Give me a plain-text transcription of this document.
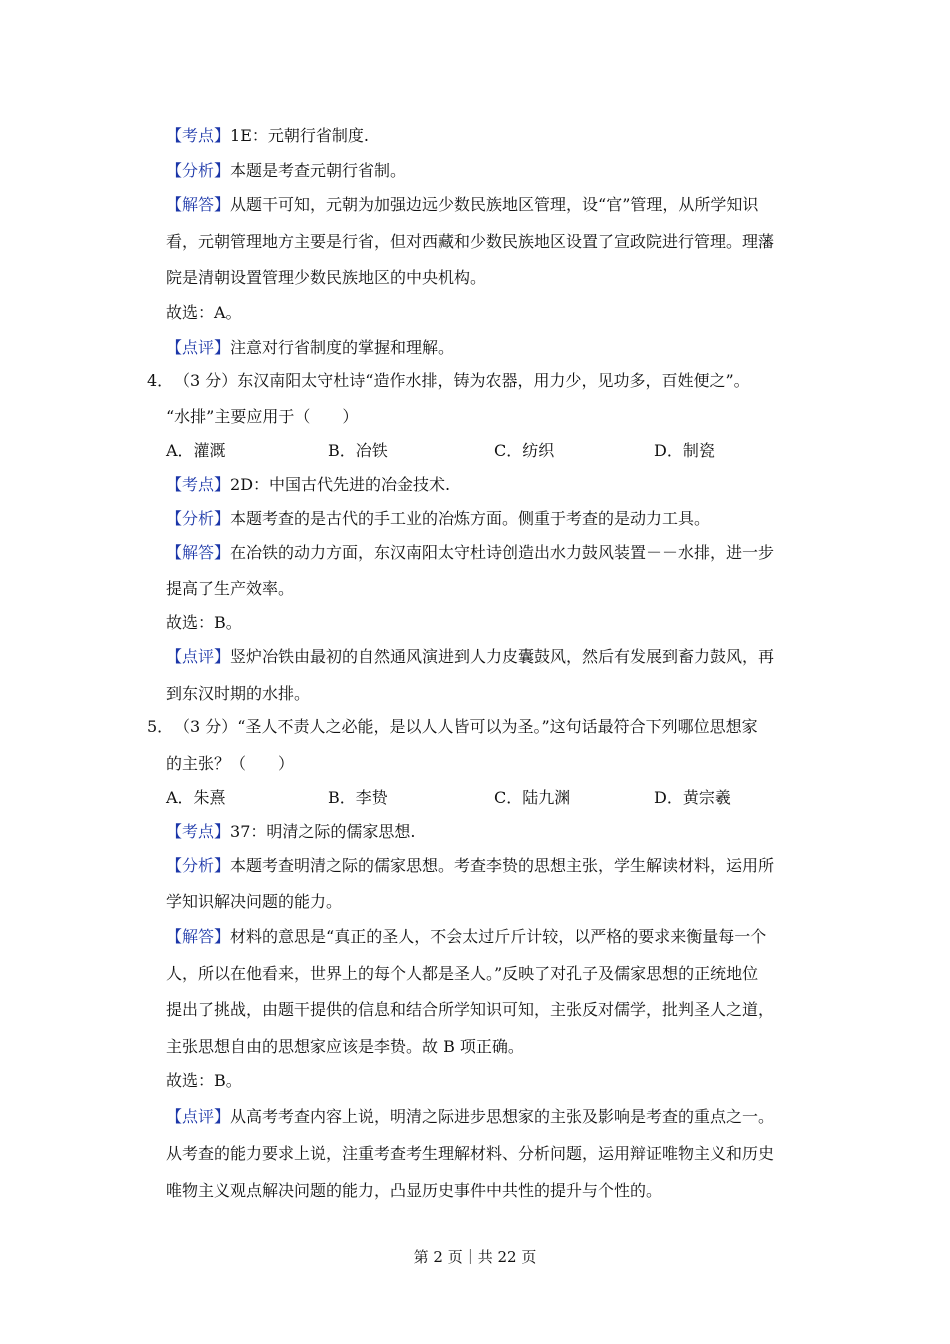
【考点】1E：元朝行省制度.
【分析】本题是考查元朝行省制。
【解答】从题干可知，元朝为加强边远少数民族地区管理，设“官”管理，从所学知识
看，元朝管理地方主要是行省，但对西藏和少数民族地区设置了宣政院进行管理。理藩
院是清朝设置管理少数民族地区的中央机构。
故选：A。
【点评】注意对行省制度的掌握和理解。
4． （3 分）东汉南阳太守杜诗“造作水排，铸为农器，用力少，见功多，百姓便之”。
“水排”主要应用于（　　）
A．灌溉	B．冶铁	C．纺织	D．制瓷
【考点】2D：中国古代先进的冶金技术.
【分析】本题考查的是古代的手工业的冶炼方面。侧重于考查的是动力工具。
【解答】在冶铁的动力方面，东汉南阳太守杜诗创造出水力鼓风装置－－水排，进一步
提高了生产效率。
故选：B。
【点评】竖炉冶铁由最初的自然通风演进到人力皮囊鼓风，然后有发展到畜力鼓风，再
到东汉时期的水排。
5． （3 分）“圣人不责人之必能，是以人人皆可以为圣。”这句话最符合下列哪位思想家
的主张？（　　）
A．朱熹	B．李贽	C．陆九渊	D．黄宗羲
【考点】37：明清之际的儒家思想.
【分析】本题考查明清之际的儒家思想。考查李贽的思想主张，学生解读材料，运用所
学知识解决问题的能力。
【解答】材料的意思是“真正的圣人，不会太过斤斤计较，以严格的要求来衡量每一个
人，所以在他看来，世界上的每个人都是圣人。”反映了对孔子及儒家思想的正统地位
提出了挑战，由题干提供的信息和结合所学知识可知，主张反对儒学，批判圣人之道，
主张思想自由的思想家应该是李贽。故 B 项正确。
故选：B。
【点评】从高考考查内容上说，明清之际进步思想家的主张及影响是考查的重点之一。
从考查的能力要求上说，注重考查考生理解材料、分析问题，运用辩证唯物主义和历史
唯物主义观点解决问题的能力，凸显历史事件中共性的提升与个性的。
第 2 页｜共 22 页
